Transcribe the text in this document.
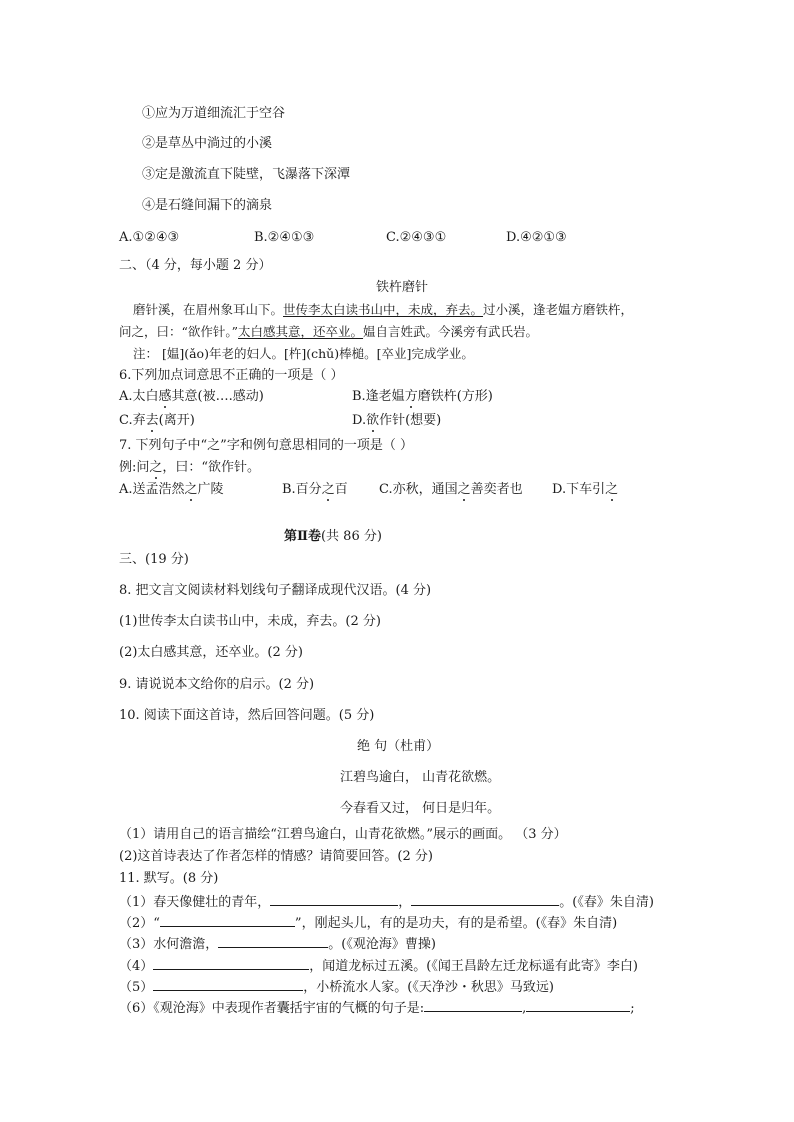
①应为万道细流汇于空谷
②是草丛中淌过的小溪
③定是激流直下陡壁，飞瀑落下深潭
④是石缝间漏下的滴泉
A.①②④③	B.②④①③	C.②④③①	D.④②①③
二、（4 分，每小题 2 分）
铁杵磨针
磨针溪，在眉州象耳山下。世传李太白读书山中，未成，弃去。过小溪，逢老媪方磨铁杵，
问之，曰：“欲作针。”太白感其意，还卒业。媪自言姓武。今溪旁有武氏岩。
注： [媪](ǎo)年老的妇人。[杵](chǔ)棒槌。[卒业]完成学业。
6.下列加点词意思不正确的一项是（ ）
A.太白感其意(被….感动)	B.逢老媪方磨铁杵(方形)
C.弃去(离开)	D.欲作针(想要)
7. 下列句子中“之”字和例句意思相同的一项是（ ）
例:问之，曰：“欲作针。
A.送孟浩然之广陵	B.百分之百 C.亦秋，通国之善奕者也 D.下车引之
第Ⅱ卷(共 86 分)
三、(19 分)
8. 把文言文阅读材料划线句子翻译成现代汉语。(4 分)
(1)世传李太白读书山中，未成，弃去。(2 分)
(2)太白感其意，还卒业。(2 分)
9. 请说说本文给你的启示。(2 分)
10. 阅读下面这首诗，然后回答问题。(5 分)
绝 句（杜甫）
江碧鸟逾白， 山青花欲燃。
今春看又过， 何日是归年。
（1）请用自己的语言描绘“江碧鸟逾白，山青花欲燃。”展示的画面。 （3 分）
(2)这首诗表达了作者怎样的情感？请简要回答。(2 分)
11. 默写。(8 分)
（1）春天像健壮的青年，	，	。(《春》朱自清)
（2）“	”，刚起头儿，有的是功夫，有的是希望。(《春》朱自清)
（3）水何澹澹，	。(《观沧海》曹操)
（4）	，闻道龙标过五溪。(《闻王昌龄左迁龙标遥有此寄》李白)
（5）	，小桥流水人家。(《天净沙・秋思》马致远)
（6）《观沧海》中表现作者囊括宇宙的气概的句子是:	,	;
